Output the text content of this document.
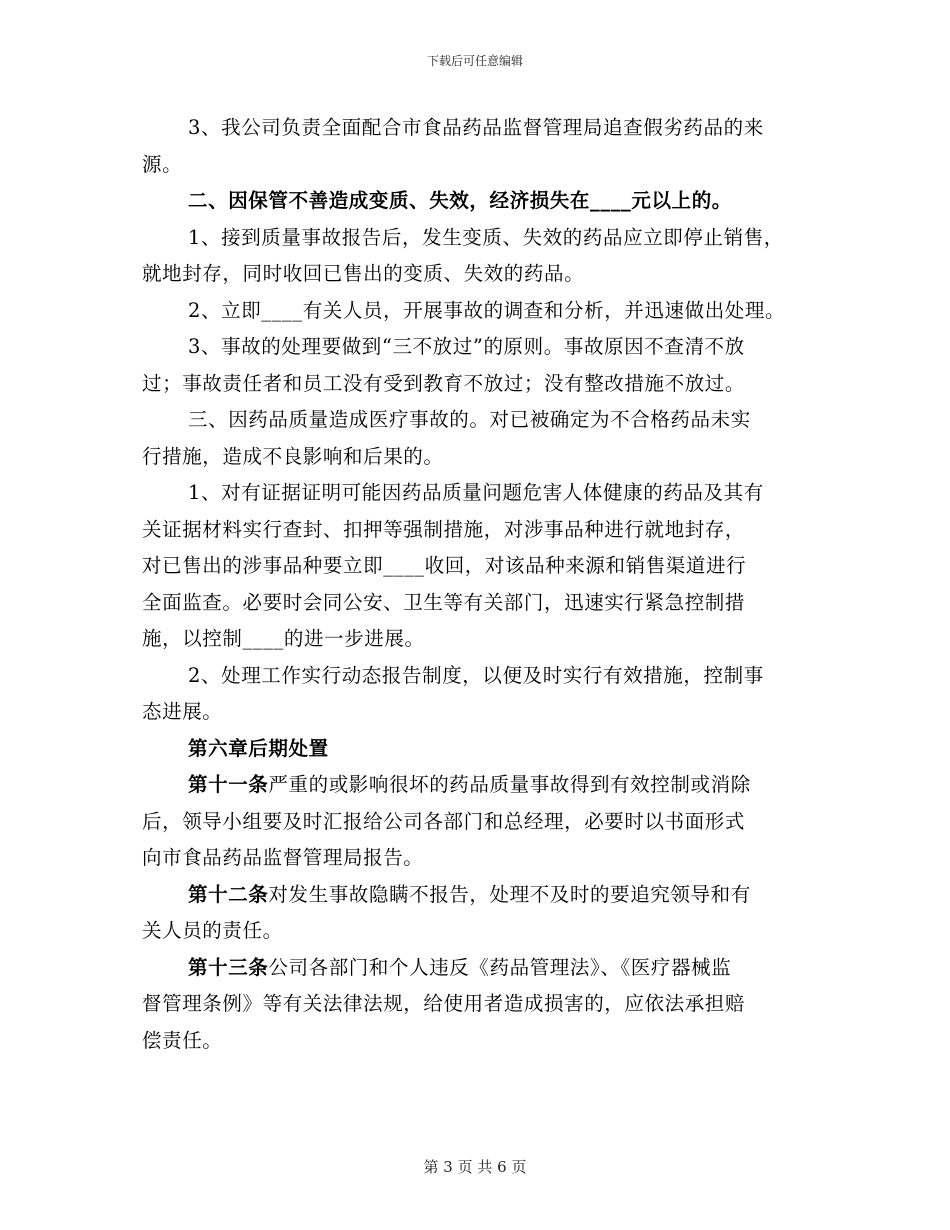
下载后可任意编辑
3、我公司负责全面配合市食品药品监督管理局追查假劣药品的来
源。
二、因保管不善造成变质、失效，经济损失在____元以上的。
1、接到质量事故报告后，发生变质、失效的药品应立即停止销售，
就地封存，同时收回已售出的变质、失效的药品。
2、立即____有关人员，开展事故的调查和分析，并迅速做出处理。
3、事故的处理要做到“三不放过”的原则。事故原因不查清不放
过；事故责任者和员工没有受到教育不放过；没有整改措施不放过。
三、因药品质量造成医疗事故的。对已被确定为不合格药品未实
行措施，造成不良影响和后果的。
1、对有证据证明可能因药品质量问题危害人体健康的药品及其有
关证据材料实行查封、扣押等强制措施，对涉事品种进行就地封存，
对已售出的涉事品种要立即____收回，对该品种来源和销售渠道进行
全面监查。必要时会同公安、卫生等有关部门，迅速实行紧急控制措
施，以控制____的进一步进展。
2、处理工作实行动态报告制度，以便及时实行有效措施，控制事
态进展。
第六章后期处置
第十一条严重的或影响很坏的药品质量事故得到有效控制或消除
后，领导小组要及时汇报给公司各部门和总经理，必要时以书面形式
向市食品药品监督管理局报告。
第十二条对发生事故隐瞒不报告，处理不及时的要追究领导和有
关人员的责任。
第十三条公司各部门和个人违反《药品管理法》、《医疗器械监
督管理条例》等有关法律法规，给使用者造成损害的，应依法承担赔
偿责任。
第 3 页 共 6 页
